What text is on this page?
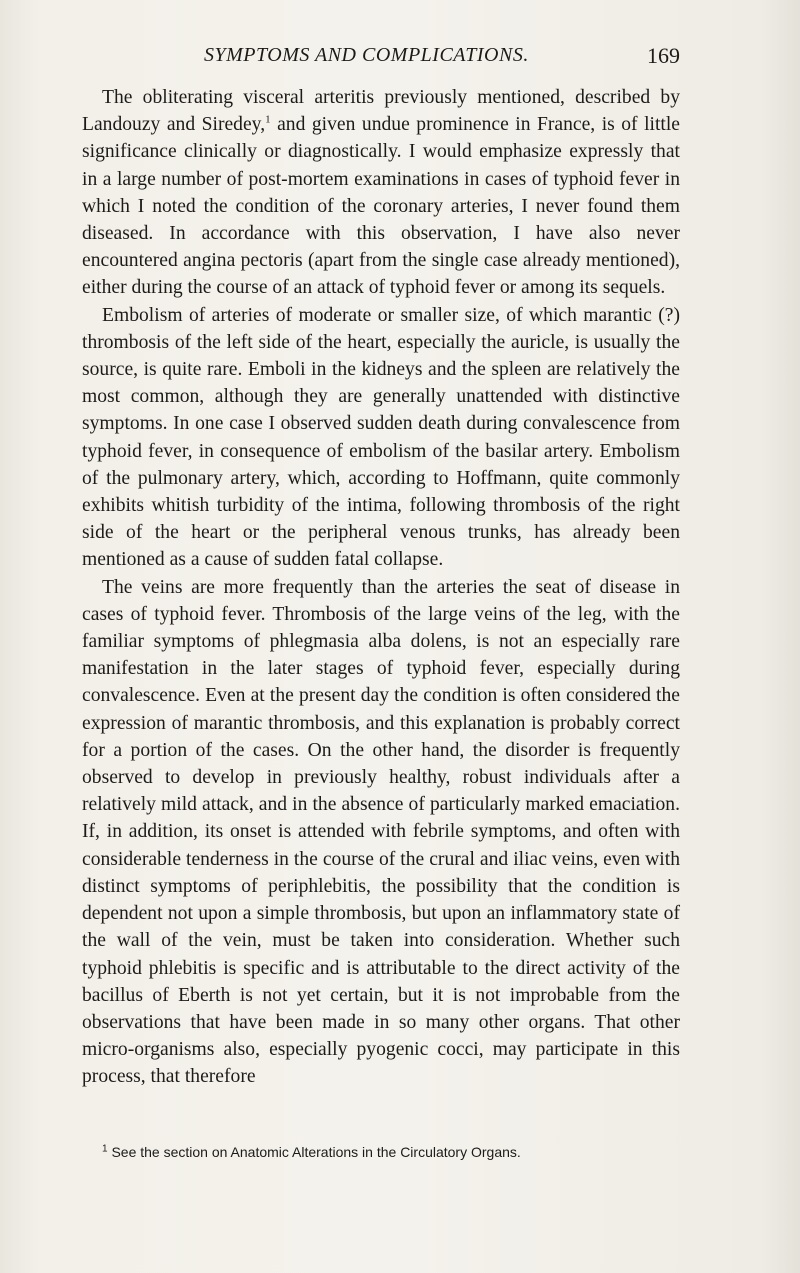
SYMPTOMS AND COMPLICATIONS.	169

The obliterating visceral arteritis previously mentioned, described by Landouzy and Siredey,$^1$ and given undue prominence in France, is of little significance clinically or diagnostically. I would emphasize expressly that in a large number of post-mortem examinations in cases of typhoid fever in which I noted the condition of the coronary arteries, I never found them diseased. In accordance with this observation, I have also never encountered angina pectoris (apart from the single case already mentioned), either during the course of an attack of typhoid fever or among its sequels.

Embolism of arteries of moderate or smaller size, of which marantic (?) thrombosis of the left side of the heart, especially the auricle, is usually the source, is quite rare. Emboli in the kidneys and the spleen are relatively the most common, although they are generally unattended with distinctive symptoms. In one case I observed sudden death during convalescence from typhoid fever, in consequence of embolism of the basilar artery. Embolism of the pulmonary artery, which, according to Hoffmann, quite commonly exhibits whitish turbidity of the intima, following thrombosis of the right side of the heart or the peripheral venous trunks, has already been mentioned as a cause of sudden fatal collapse.

The veins are more frequently than the arteries the seat of disease in cases of typhoid fever. Thrombosis of the large veins of the leg, with the familiar symptoms of phlegmasia alba dolens, is not an especially rare manifestation in the later stages of typhoid fever, especially during convalescence. Even at the present day the condition is often considered the expression of marantic thrombosis, and this explanation is probably correct for a portion of the cases. On the other hand, the disorder is frequently observed to develop in previously healthy, robust individuals after a relatively mild attack, and in the absence of particularly marked emaciation. If, in addition, its onset is attended with febrile symptoms, and often with considerable tenderness in the course of the crural and iliac veins, even with distinct symptoms of periphlebitis, the possibility that the condition is dependent not upon a simple thrombosis, but upon an inflammatory state of the wall of the vein, must be taken into consideration. Whether such typhoid phlebitis is specific and is attributable to the direct activity of the bacillus of Eberth is not yet certain, but it is not improbable from the observations that have been made in so many other organs. That other micro-organisms also, especially pyogenic cocci, may participate in this process, that therefore

$^1$ See the section on Anatomic Alterations in the Circulatory Organs.
